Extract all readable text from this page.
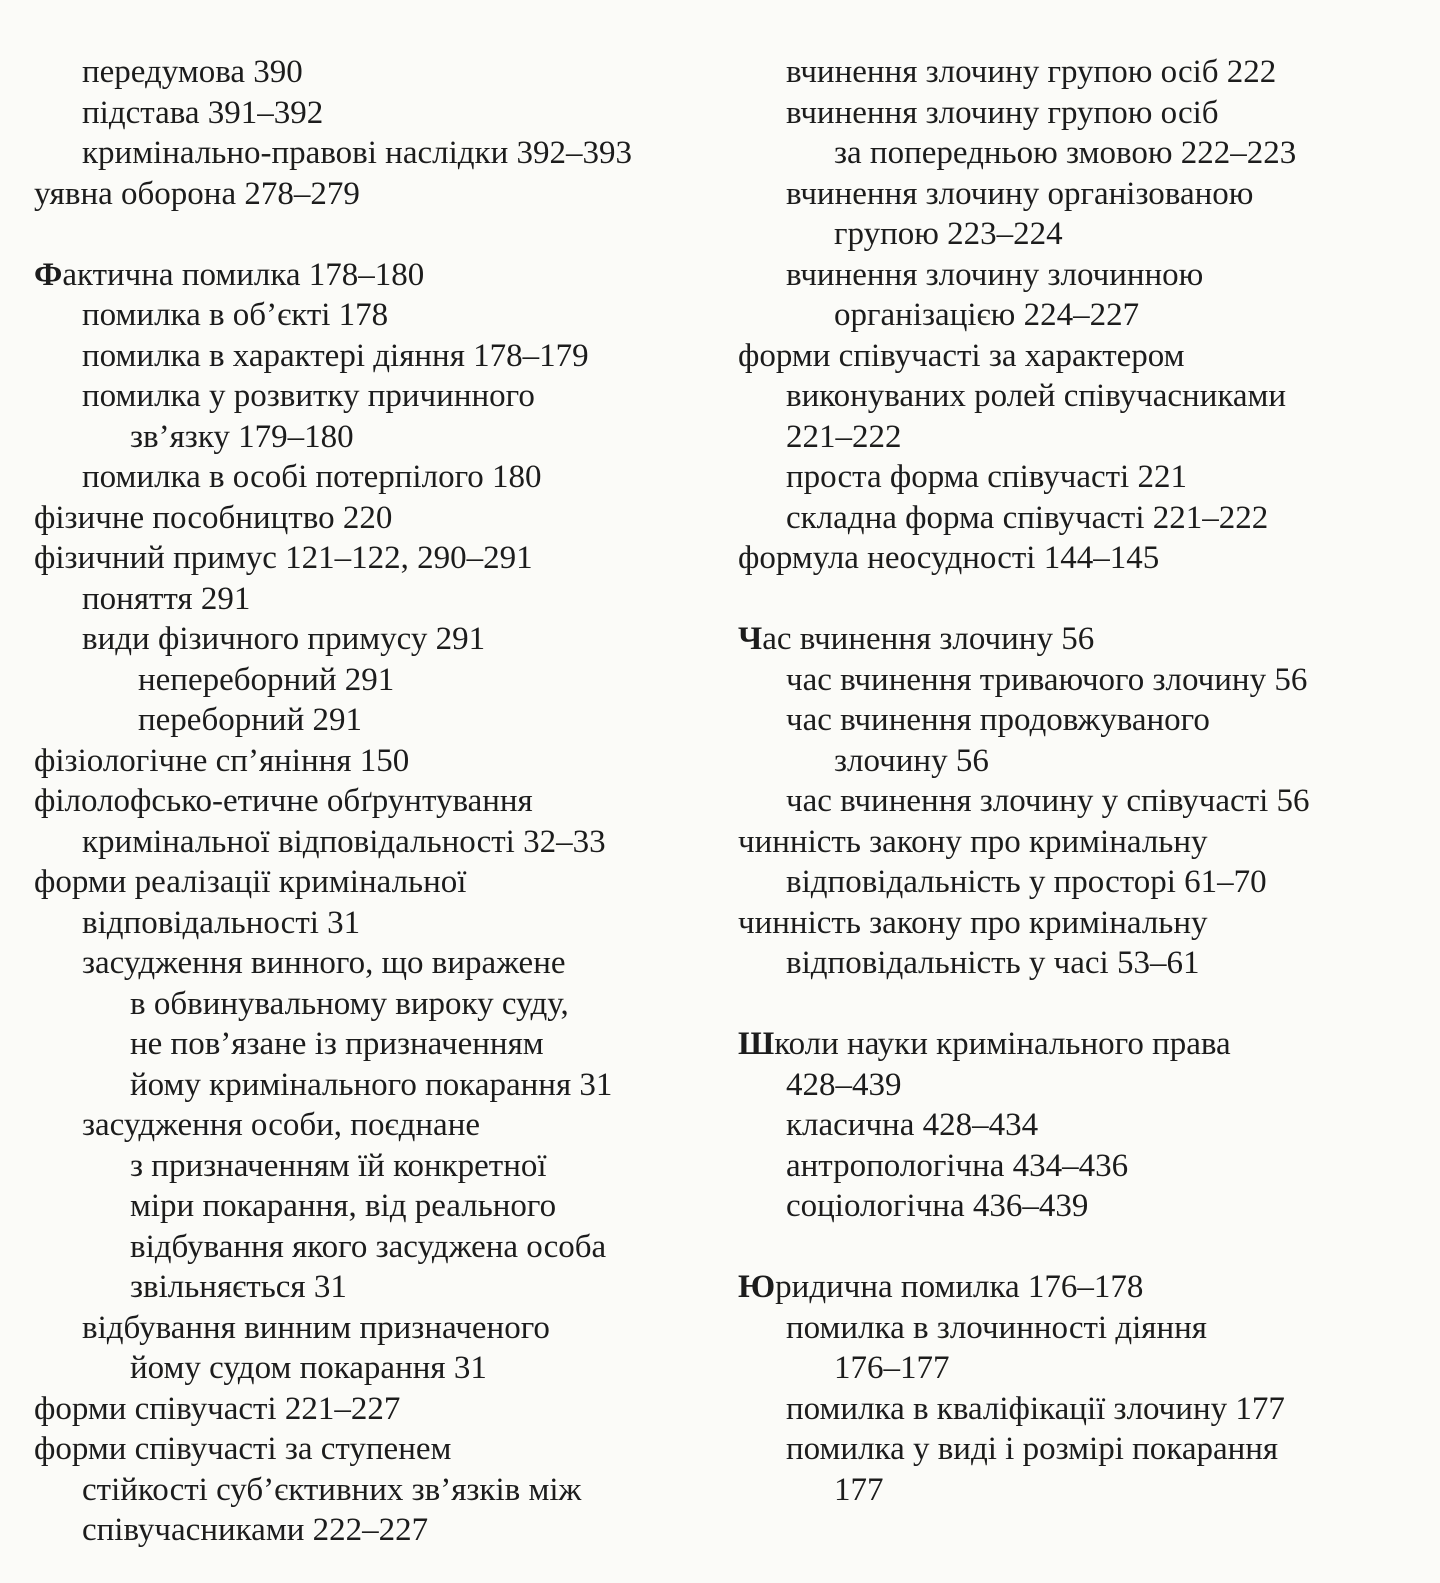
передумова 390
підстава 391–392
кримінально-правові наслідки 392–393
уявна оборона 278–279
Фактична помилка 178–180
помилка в об’єкті 178
помилка в характері діяння 178–179
помилка у розвитку причинного
зв’язку 179–180
помилка в особі потерпілого 180
фізичне пособництво 220
фізичний примус 121–122, 290–291
поняття 291
види фізичного примусу 291
непереборний 291
переборний 291
фізіологічне сп’яніння 150
філолофсько-етичне обґрунтування
кримінальної відповідальності 32–33
форми реалізації кримінальної
відповідальності 31
засудження винного, що виражене
в обвинувальному вироку суду,
не пов’язане із призначенням
йому кримінального покарання 31
засудження особи, поєднане
з призначенням їй конкретної
міри покарання, від реального
відбування якого засуджена особа
звільняється 31
відбування винним призначеного
йому судом покарання 31
форми співучасті 221–227
форми співучасті за ступенем
стійкості суб’єктивних зв’язків між
співучасниками 222–227
вчинення злочину групою осіб 222
вчинення злочину групою осіб
за попередньою змовою 222–223
вчинення злочину організованою
групою 223–224
вчинення злочину злочинною
організацією 224–227
форми співучасті за характером
виконуваних ролей співучасниками
221–222
проста форма співучасті 221
складна форма співучасті 221–222
формула неосудності 144–145
Час вчинення злочину 56
час вчинення триваючого злочину 56
час вчинення продовжуваного
злочину 56
час вчинення злочину у співучасті 56
чинність закону про кримінальну
відповідальність у просторі 61–70
чинність закону про кримінальну
відповідальність у часі 53–61
Школи науки кримінального права
428–439
класична 428–434
антропологічна 434–436
соціологічна 436–439
Юридична помилка 176–178
помилка в злочинності діяння
176–177
помилка в кваліфікації злочину 177
помилка у виді і розмірі покарання
177
